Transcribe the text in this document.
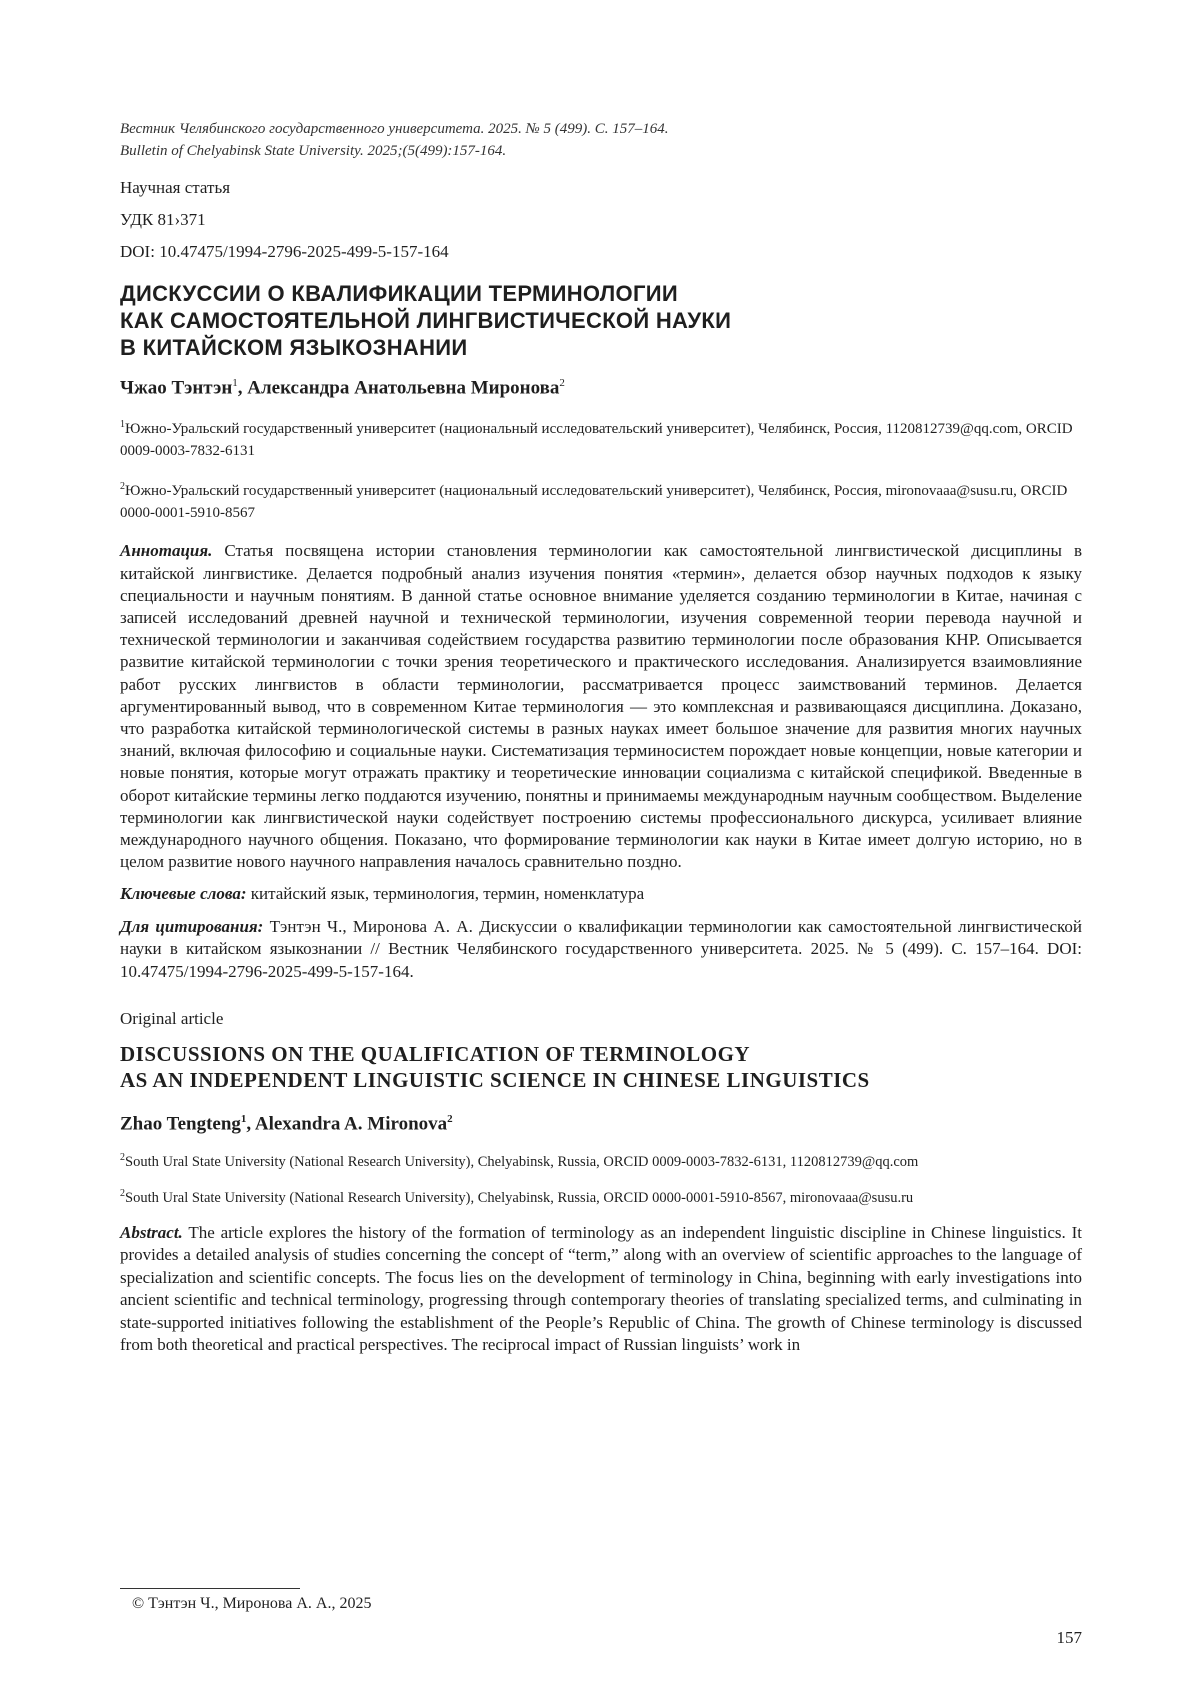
Вестник Челябинского государственного университета. 2025. № 5 (499). С. 157–164.
Bulletin of Chelyabinsk State University. 2025;(5(499):157-164.
Научная статья
УДК 81›371
DOI: 10.47475/1994-2796-2025-499-5-157-164
ДИСКУССИИ О КВАЛИФИКАЦИИ ТЕРМИНОЛОГИИ
КАК САМОСТОЯТЕЛЬНОЙ ЛИНГВИСТИЧЕСКОЙ НАУКИ
В КИТАЙСКОМ ЯЗЫКОЗНАНИИ
Чжао Тэнтэн$^1$, Александра Анатольевна Миронова$^2$
$^1$Южно-Уральский государственный университет (национальный исследовательский университет), Челябинск, Россия, 1120812739@qq.com, ORCID 0009-0003-7832-6131
$^2$Южно-Уральский государственный университет (национальный исследовательский университет), Челябинск, Россия, mironovaaa@susu.ru, ORCID 0000-0001-5910-8567
Аннотация. Статья посвящена истории становления терминологии как самостоятельной лингвистической дисциплины в китайской лингвистике. Делается подробный анализ изучения понятия «термин», делается обзор научных подходов к языку специальности и научным понятиям. В данной статье основное внимание уделяется созданию терминологии в Китае, начиная с записей исследований древней научной и технической терминологии, изучения современной теории перевода научной и технической терминологии и заканчивая содействием государства развитию терминологии после образования КНР. Описывается развитие китайской терминологии с точки зрения теоретического и практического исследования. Анализируется взаимовлияние работ русских лингвистов в области терминологии, рассматривается процесс заимствований терминов. Делается аргументированный вывод, что в современном Китае терминология — это комплексная и развивающаяся дисциплина. Доказано, что разработка китайской терминологической системы в разных науках имеет большое значение для развития многих научных знаний, включая философию и социальные науки. Систематизация терминосистем порождает новые концепции, новые категории и новые понятия, которые могут отражать практику и теоретические инновации социализма с китайской спецификой. Введенные в оборот китайские термины легко поддаются изучению, понятны и принимаемы международным научным сообществом. Выделение терминологии как лингвистической науки содействует построению системы профессионального дискурса, усиливает влияние международного научного общения. Показано, что формирование терминологии как науки в Китае имеет долгую историю, но в целом развитие нового научного направления началось сравнительно поздно.
Ключевые слова: китайский язык, терминология, термин, номенклатура
Для цитирования: Тэнтэн Ч., Миронова А. А. Дискуссии о квалификации терминологии как самостоятельной лингвистической науки в китайском языкознании // Вестник Челябинского государственного университета. 2025. № 5 (499). С. 157–164. DOI: 10.47475/1994-2796-2025-499-5-157-164.
Original article
DISCUSSIONS ON THE QUALIFICATION OF TERMINOLOGY
AS AN INDEPENDENT LINGUISTIC SCIENCE IN CHINESE LINGUISTICS
Zhao Tengteng$^1$, Alexandra A. Mironova$^2$
$^2$South Ural State University (National Research University), Chelyabinsk, Russia, ORCID 0009-0003-7832-6131, 1120812739@qq.com
$^2$South Ural State University (National Research University), Chelyabinsk, Russia, ORCID 0000-0001-5910-8567, mironovaaa@susu.ru
Abstract. The article explores the history of the formation of terminology as an independent linguistic discipline in Chinese linguistics. It provides a detailed analysis of studies concerning the concept of “term,” along with an overview of scientific approaches to the language of specialization and scientific concepts. The focus lies on the development of terminology in China, beginning with early investigations into ancient scientific and technical terminology, progressing through contemporary theories of translating specialized terms, and culminating in state-supported initiatives following the establishment of the People’s Republic of China. The growth of Chinese terminology is discussed from both theoretical and practical perspectives. The reciprocal impact of Russian linguists’ work in
© Тэнтэн Ч., Миронова А. А., 2025
157
